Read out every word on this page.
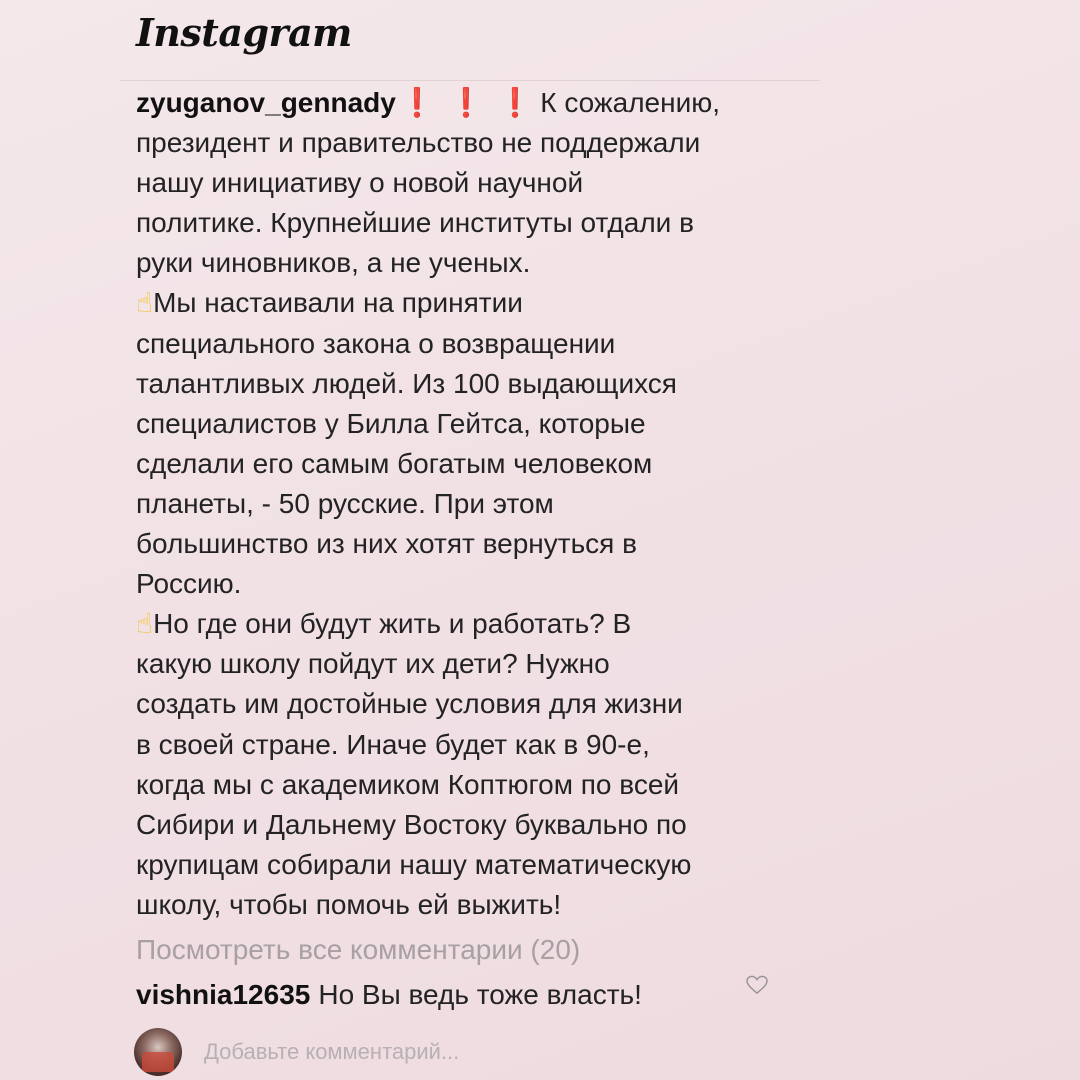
Instagram
zyuganov_gennady ❗ ❗ ❗ К сожалению,
президент и правительство не поддержали
нашу инициативу о новой научной
политике. Крупнейшие институты отдали в
руки чиновников, а не ученых.
☝Мы настаивали на принятии
специального закона о возвращении
талантливых людей. Из 100 выдающихся
специалистов у Билла Гейтса, которые
сделали его самым богатым человеком
планеты, - 50 русские. При этом
большинство из них хотят вернуться в
Россию.
☝Но где они будут жить и работать? В
какую школу пойдут их дети? Нужно
создать им достойные условия для жизни
в своей стране. Иначе будет как в 90-е,
когда мы с академиком Коптюгом по всей
Сибири и Дальнему Востоку буквально по
крупицам собирали нашу математическую
школу, чтобы помочь ей выжить!
Посмотреть все комментарии (20)
vishnia12635 Но Вы ведь тоже власть!
Добавьте комментарий...
